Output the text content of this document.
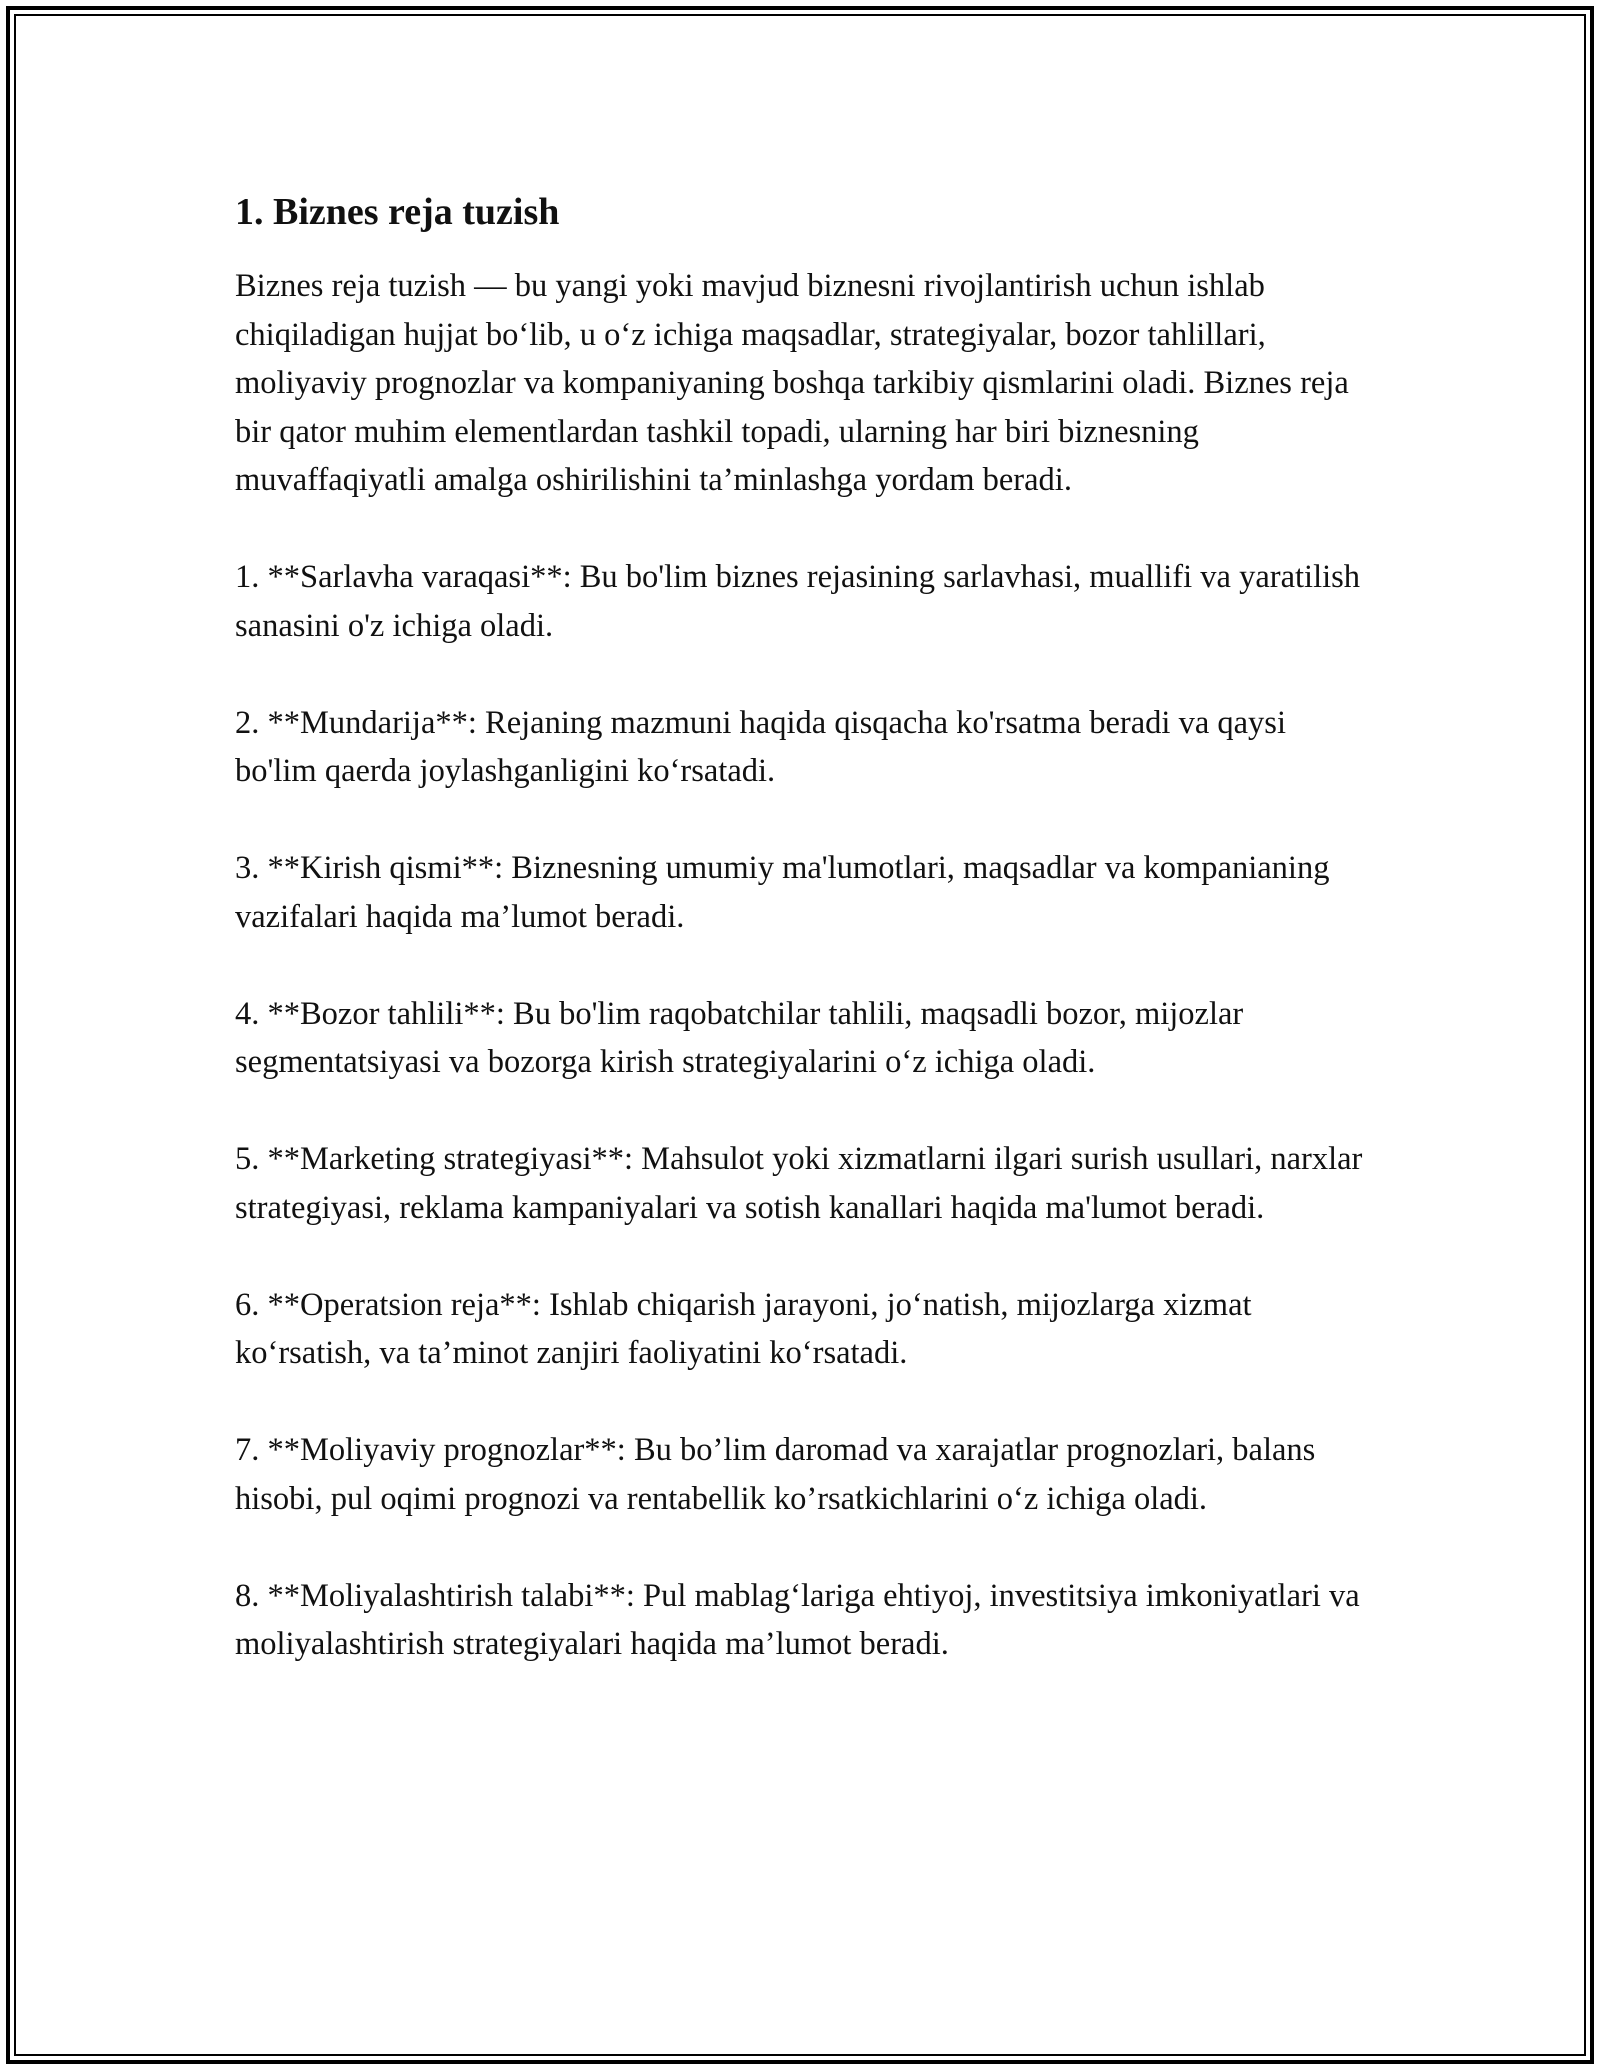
1. Biznes reja tuzish

Biznes reja tuzish — bu yangi yoki mavjud biznesni rivojlantirish uchun ishlab chiqiladigan hujjat bo‘lib, u o‘z ichiga maqsadlar, strategiyalar, bozor tahlillari, moliyaviy prognozlar va kompaniyaning boshqa tarkibiy qismlarini oladi. Biznes reja bir qator muhim elementlardan tashkil topadi, ularning har biri biznesning muvaffaqiyatli amalga oshirilishini ta’minlashga yordam beradi.

1. **Sarlavha varaqasi**: Bu bo'lim biznes rejasining sarlavhasi, muallifi va yaratilish sanasini o'z ichiga oladi.

2. **Mundarija**: Rejaning mazmuni haqida qisqacha ko'rsatma beradi va qaysi bo'lim qaerda joylashganligini ko‘rsatadi.

3. **Kirish qismi**: Biznesning umumiy ma'lumotlari, maqsadlar va kompanianing vazifalari haqida ma’lumot beradi.

4. **Bozor tahlili**: Bu bo'lim raqobatchilar tahlili, maqsadli bozor, mijozlar segmentatsiyasi va bozorga kirish strategiyalarini o‘z ichiga oladi.

5. **Marketing strategiyasi**: Mahsulot yoki xizmatlarni ilgari surish usullari, narxlar strategiyasi, reklama kampaniyalari va sotish kanallari haqida ma'lumot beradi.

6. **Operatsion reja**: Ishlab chiqarish jarayoni, jo‘natish, mijozlarga xizmat ko‘rsatish, va ta’minot zanjiri faoliyatini ko‘rsatadi.

7. **Moliyaviy prognozlar**: Bu bo’lim daromad va xarajatlar prognozlari, balans hisobi, pul oqimi prognozi va rentabellik ko’rsatkichlarini o‘z ichiga oladi.

8. **Moliyalashtirish talabi**: Pul mablag‘lariga ehtiyoj, investitsiya imkoniyatlari va moliyalashtirish strategiyalari haqida ma’lumot beradi.
